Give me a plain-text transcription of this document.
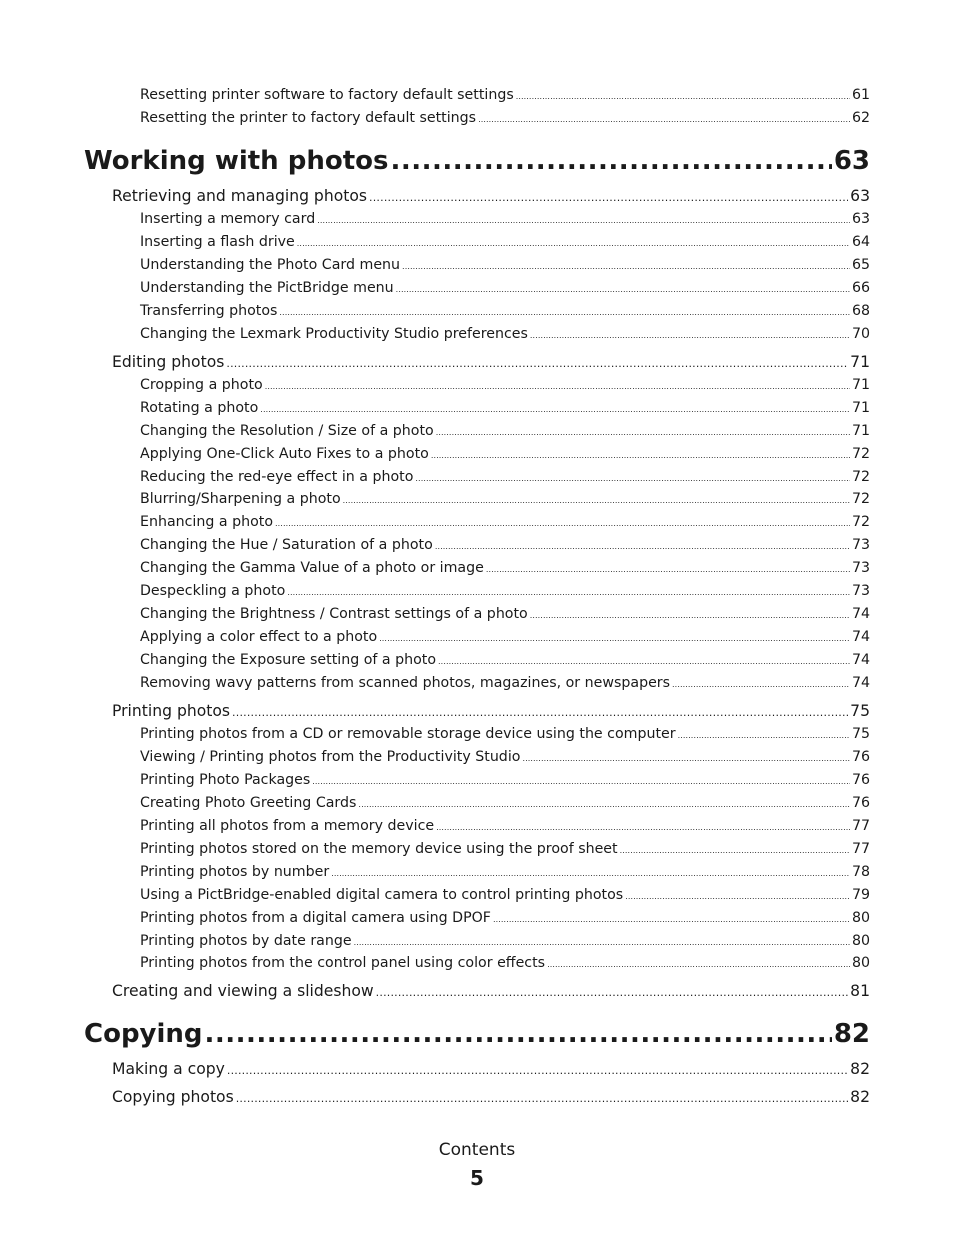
Resetting printer software to factory default settings .....	61
Resetting the printer to factory default settings .....	62
Working with photos .....	63
Retrieving and managing photos .....	63
Inserting a memory card .....	63
Inserting a flash drive .....	64
Understanding the Photo Card menu .....	65
Understanding the PictBridge menu .....	66
Transferring photos .....	68
Changing the Lexmark Productivity Studio preferences .....	70
Editing photos .....	71
Cropping a photo .....	71
Rotating a photo .....	71
Changing the Resolution / Size of a photo .....	71
Applying One-Click Auto Fixes to a photo .....	72
Reducing the red-eye effect in a photo .....	72
Blurring/Sharpening a photo .....	72
Enhancing a photo .....	72
Changing the Hue / Saturation of a photo .....	73
Changing the Gamma Value of a photo or image .....	73
Despeckling a photo .....	73
Changing the Brightness / Contrast settings of a photo .....	74
Applying a color effect to a photo .....	74
Changing the Exposure setting of a photo .....	74
Removing wavy patterns from scanned photos, magazines, or newspapers .....	74
Printing photos .....	75
Printing photos from a CD or removable storage device using the computer .....	75
Viewing / Printing photos from the Productivity Studio .....	76
Printing Photo Packages .....	76
Creating Photo Greeting Cards .....	76
Printing all photos from a memory device .....	77
Printing photos stored on the memory device using the proof sheet .....	77
Printing photos by number .....	78
Using a PictBridge-enabled digital camera to control printing photos .....	79
Printing photos from a digital camera using DPOF .....	80
Printing photos by date range .....	80
Printing photos from the control panel using color effects .....	80
Creating and viewing a slideshow .....	81
Copying .....	82
Making a copy .....	82
Copying photos .....	82
Contents
5
